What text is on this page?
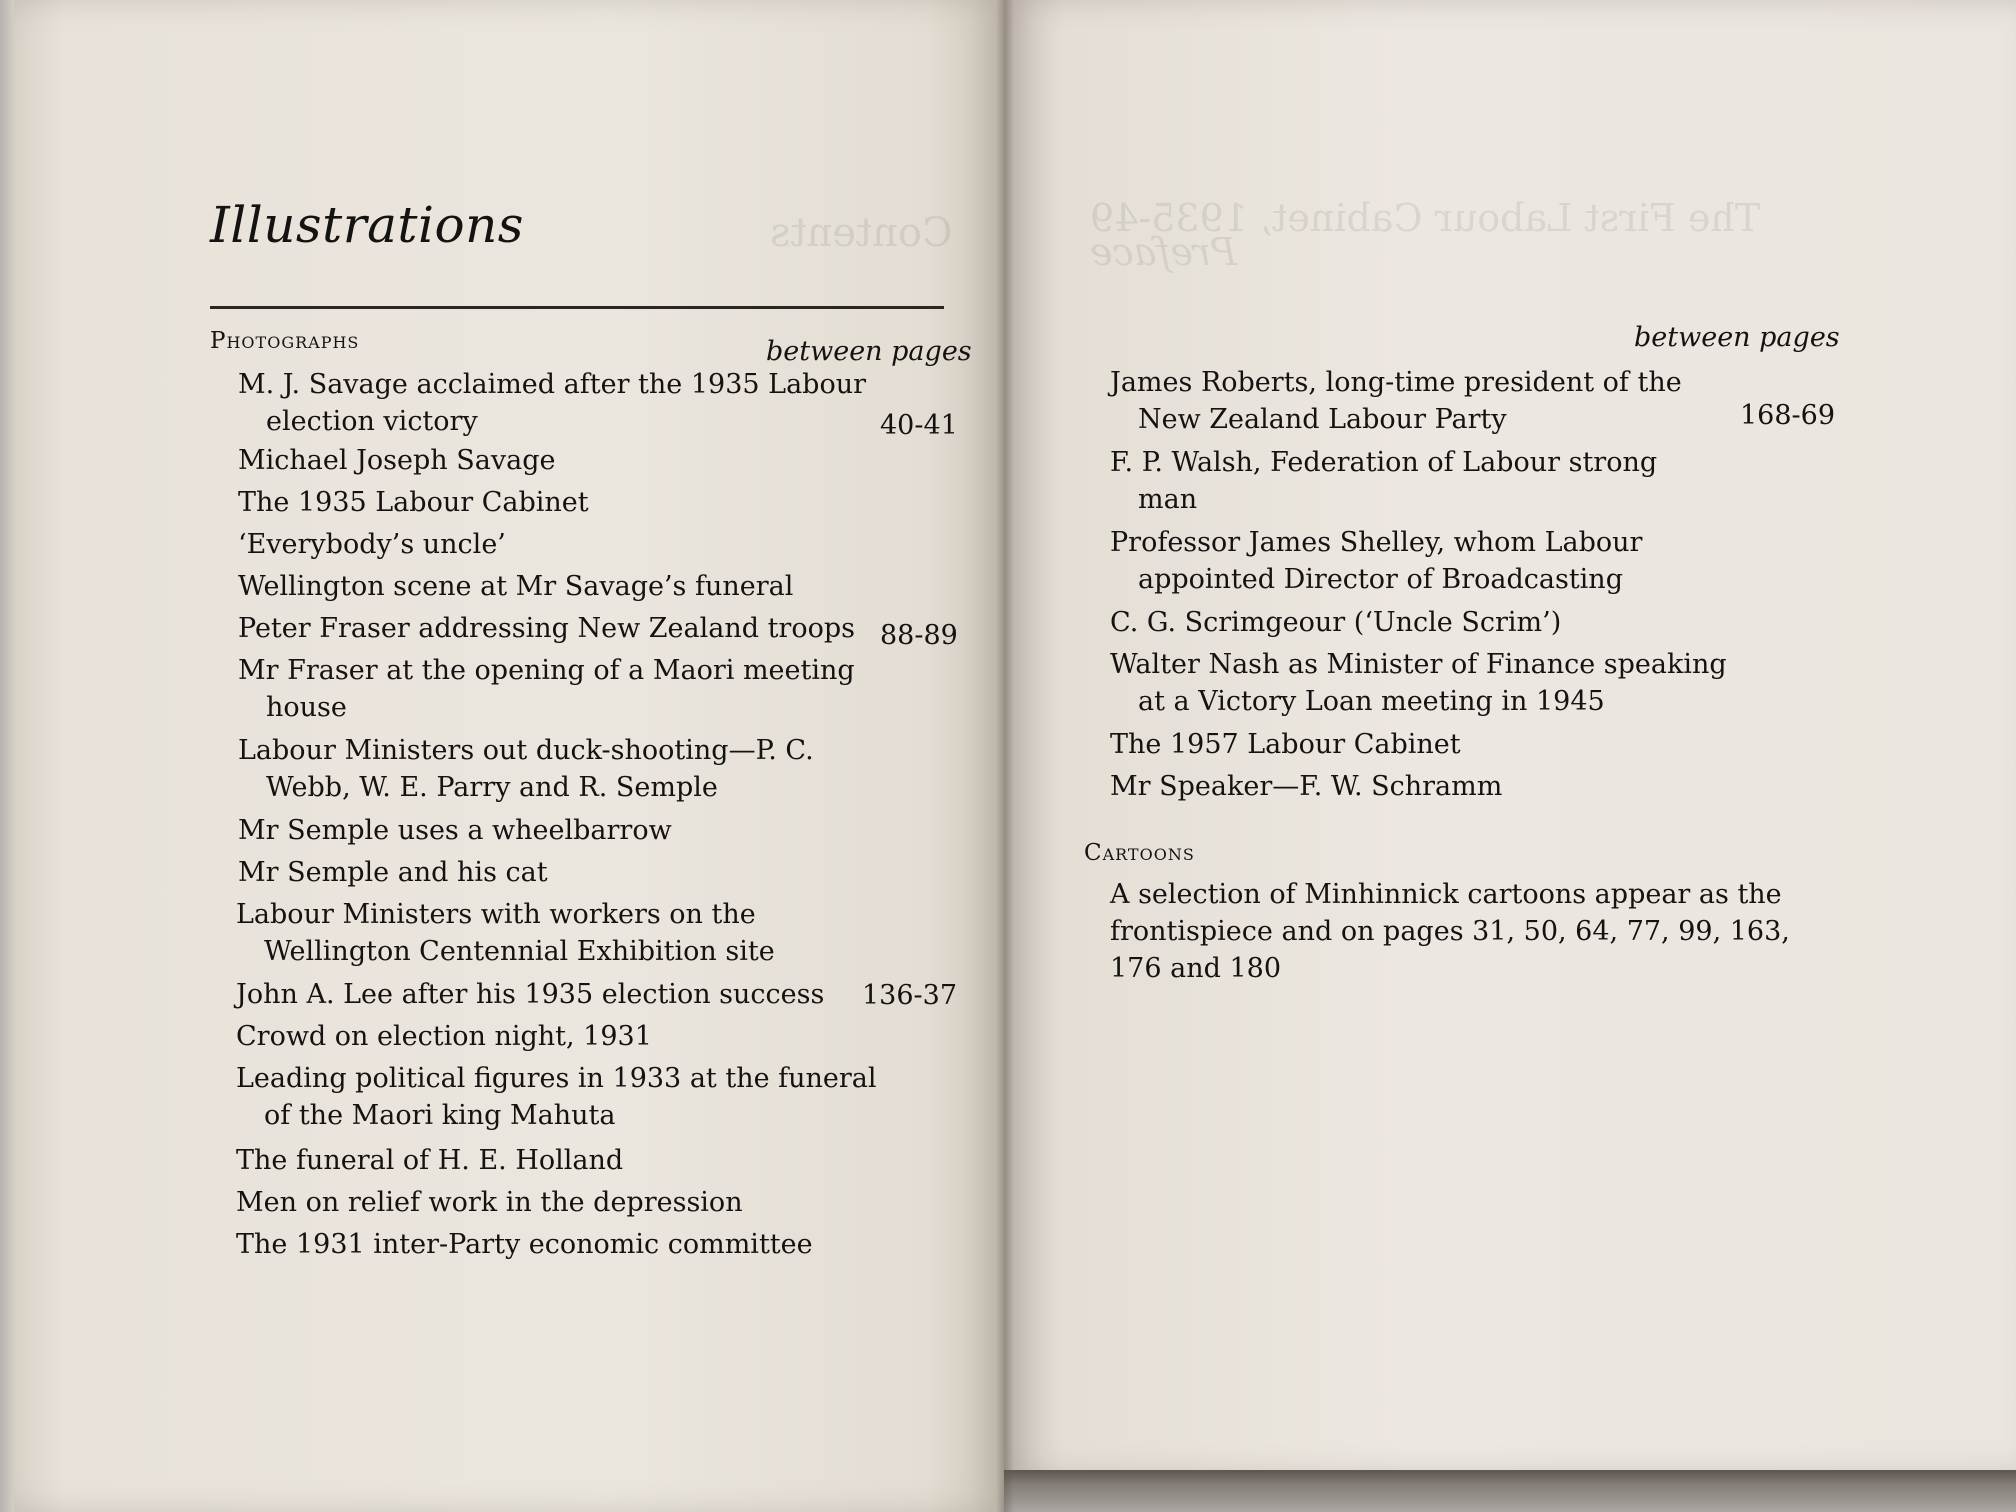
Contents	The First Labour Cabinet, 1935-49
Preface
Illustrations
Photographs	between pages
M. J. Savage acclaimed after the 1935 Labour
election victory	40-41
Michael Joseph Savage
The 1935 Labour Cabinet
‘Everybody’s uncle’
Wellington scene at Mr Savage’s funeral
Peter Fraser addressing New Zealand troops 88-89
Mr Fraser at the opening of a Maori meeting
house
Labour Ministers out duck-shooting—P. C.
Webb, W. E. Parry and R. Semple
Mr Semple uses a wheelbarrow
Mr Semple and his cat
Labour Ministers with workers on the
Wellington Centennial Exhibition site
John A. Lee after his 1935 election success 136-37
Crowd on election night, 1931
Leading political figures in 1933 at the funeral
of the Maori king Mahuta
The funeral of H. E. Holland
Men on relief work in the depression
The 1931 inter-Party economic committee
between pages
James Roberts, long-time president of the
New Zealand Labour Party	168-69
F. P. Walsh, Federation of Labour strong
man
Professor James Shelley, whom Labour
appointed Director of Broadcasting
C. G. Scrimgeour (‘Uncle Scrim’)
Walter Nash as Minister of Finance speaking
at a Victory Loan meeting in 1945
The 1957 Labour Cabinet
Mr Speaker—F. W. Schramm
Cartoons
A selection of Minhinnick cartoons appear as the frontispiece and on pages 31, 50, 64, 77, 99, 163, 176 and 180
